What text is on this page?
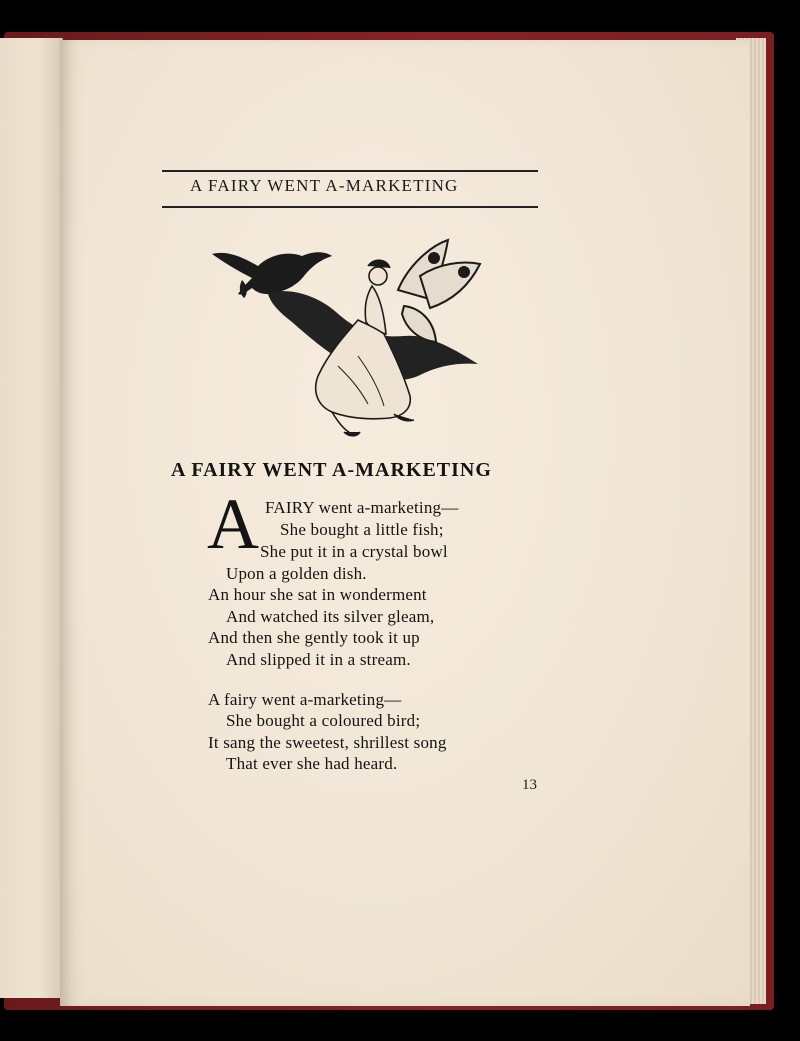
A FAIRY WENT A-MARKETING
A FAIRY WENT A-MARKETING
A FAIRY went a-marketing—
She bought a little fish;
She put it in a crystal bowl
Upon a golden dish.
An hour she sat in wonderment
And watched its silver gleam,
And then she gently took it up
And slipped it in a stream.
A fairy went a-marketing—
She bought a coloured bird;
It sang the sweetest, shrillest song
That ever she had heard.
13
